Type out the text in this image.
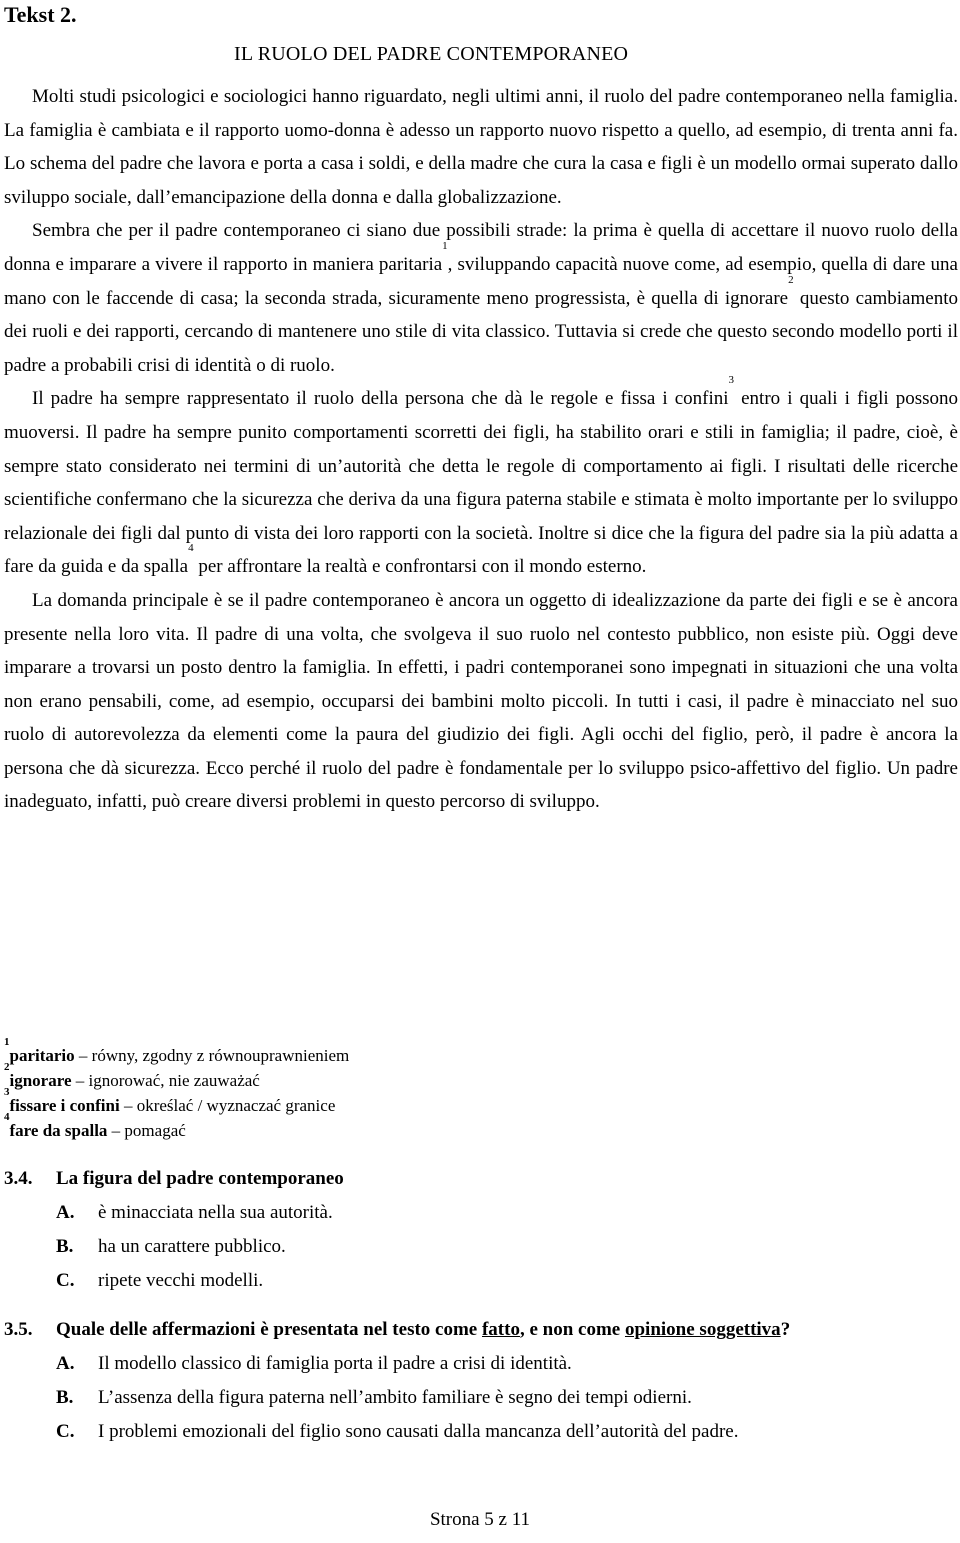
Tekst 2.
IL RUOLO DEL PADRE CONTEMPORANEO

Molti studi psicologici e sociologici hanno riguardato, negli ultimi anni, il ruolo del padre contemporaneo nella famiglia. La famiglia è cambiata e il rapporto uomo-donna è adesso un rapporto nuovo rispetto a quello, ad esempio, di trenta anni fa. Lo schema del padre che lavora e porta a casa i soldi, e della madre che cura la casa e figli è un modello ormai superato dallo sviluppo sociale, dall’emancipazione della donna e dalla globalizzazione.

Sembra che per il padre contemporaneo ci siano due possibili strade: la prima è quella di accettare il nuovo ruolo della donna e imparare a vivere il rapporto in maniera paritaria$^1$, sviluppando capacità nuove come, ad esempio, quella di dare una mano con le faccende di casa; la seconda strada, sicuramente meno progressista, è quella di ignorare$^2$ questo cambiamento dei ruoli e dei rapporti, cercando di mantenere uno stile di vita classico. Tuttavia si crede che questo secondo modello porti il padre a probabili crisi di identità o di ruolo.

Il padre ha sempre rappresentato il ruolo della persona che dà le regole e fissa i confini$^3$ entro i quali i figli possono muoversi. Il padre ha sempre punito comportamenti scorretti dei figli, ha stabilito orari e stili in famiglia; il padre, cioè, è sempre stato considerato nei termini di un’autorità che detta le regole di comportamento ai figli. I risultati delle ricerche scientifiche confermano che la sicurezza che deriva da una figura paterna stabile e stimata è molto importante per lo sviluppo relazionale dei figli dal punto di vista dei loro rapporti con la società. Inoltre si dice che la figura del padre sia la più adatta a fare da guida e da spalla$^4$ per affrontare la realtà e confrontarsi con il mondo esterno.

La domanda principale è se il padre contemporaneo è ancora un oggetto di idealizzazione da parte dei figli e se è ancora presente nella loro vita. Il padre di una volta, che svolgeva il suo ruolo nel contesto pubblico, non esiste più. Oggi deve imparare a trovarsi un posto dentro la famiglia. In effetti, i padri contemporanei sono impegnati in situazioni che una volta non erano pensabili, come, ad esempio, occuparsi dei bambini molto piccoli. In tutti i casi, il padre è minacciato nel suo ruolo di autorevolezza da elementi come la paura del giudizio dei figli. Agli occhi del figlio, però, il padre è ancora la persona che dà sicurezza. Ecco perché il ruolo del padre è fondamentale per lo sviluppo psico-affettivo del figlio. Un padre inadeguato, infatti, può creare diversi problemi in questo percorso di sviluppo.

$^1$paritario – równy, zgodny z równouprawnieniem
$^2$ignorare – ignorować, nie zauważać
$^3$fissare i confini – określać / wyznaczać granice
$^4$fare da spalla – pomagać
3.4.	La figura del padre contemporaneo
A.	è minacciata nella sua autorità.
B.	ha un carattere pubblico.
C.	ripete vecchi modelli.
3.5.	Quale delle affermazioni è presentata nel testo come fatto, e non come opinione soggettiva?
A.	Il modello classico di famiglia porta il padre a crisi di identità.
B.	L’assenza della figura paterna nell’ambito familiare è segno dei tempi odierni.
C.	I problemi emozionali del figlio sono causati dalla mancanza dell’autorità del padre.
Strona 5 z 11
